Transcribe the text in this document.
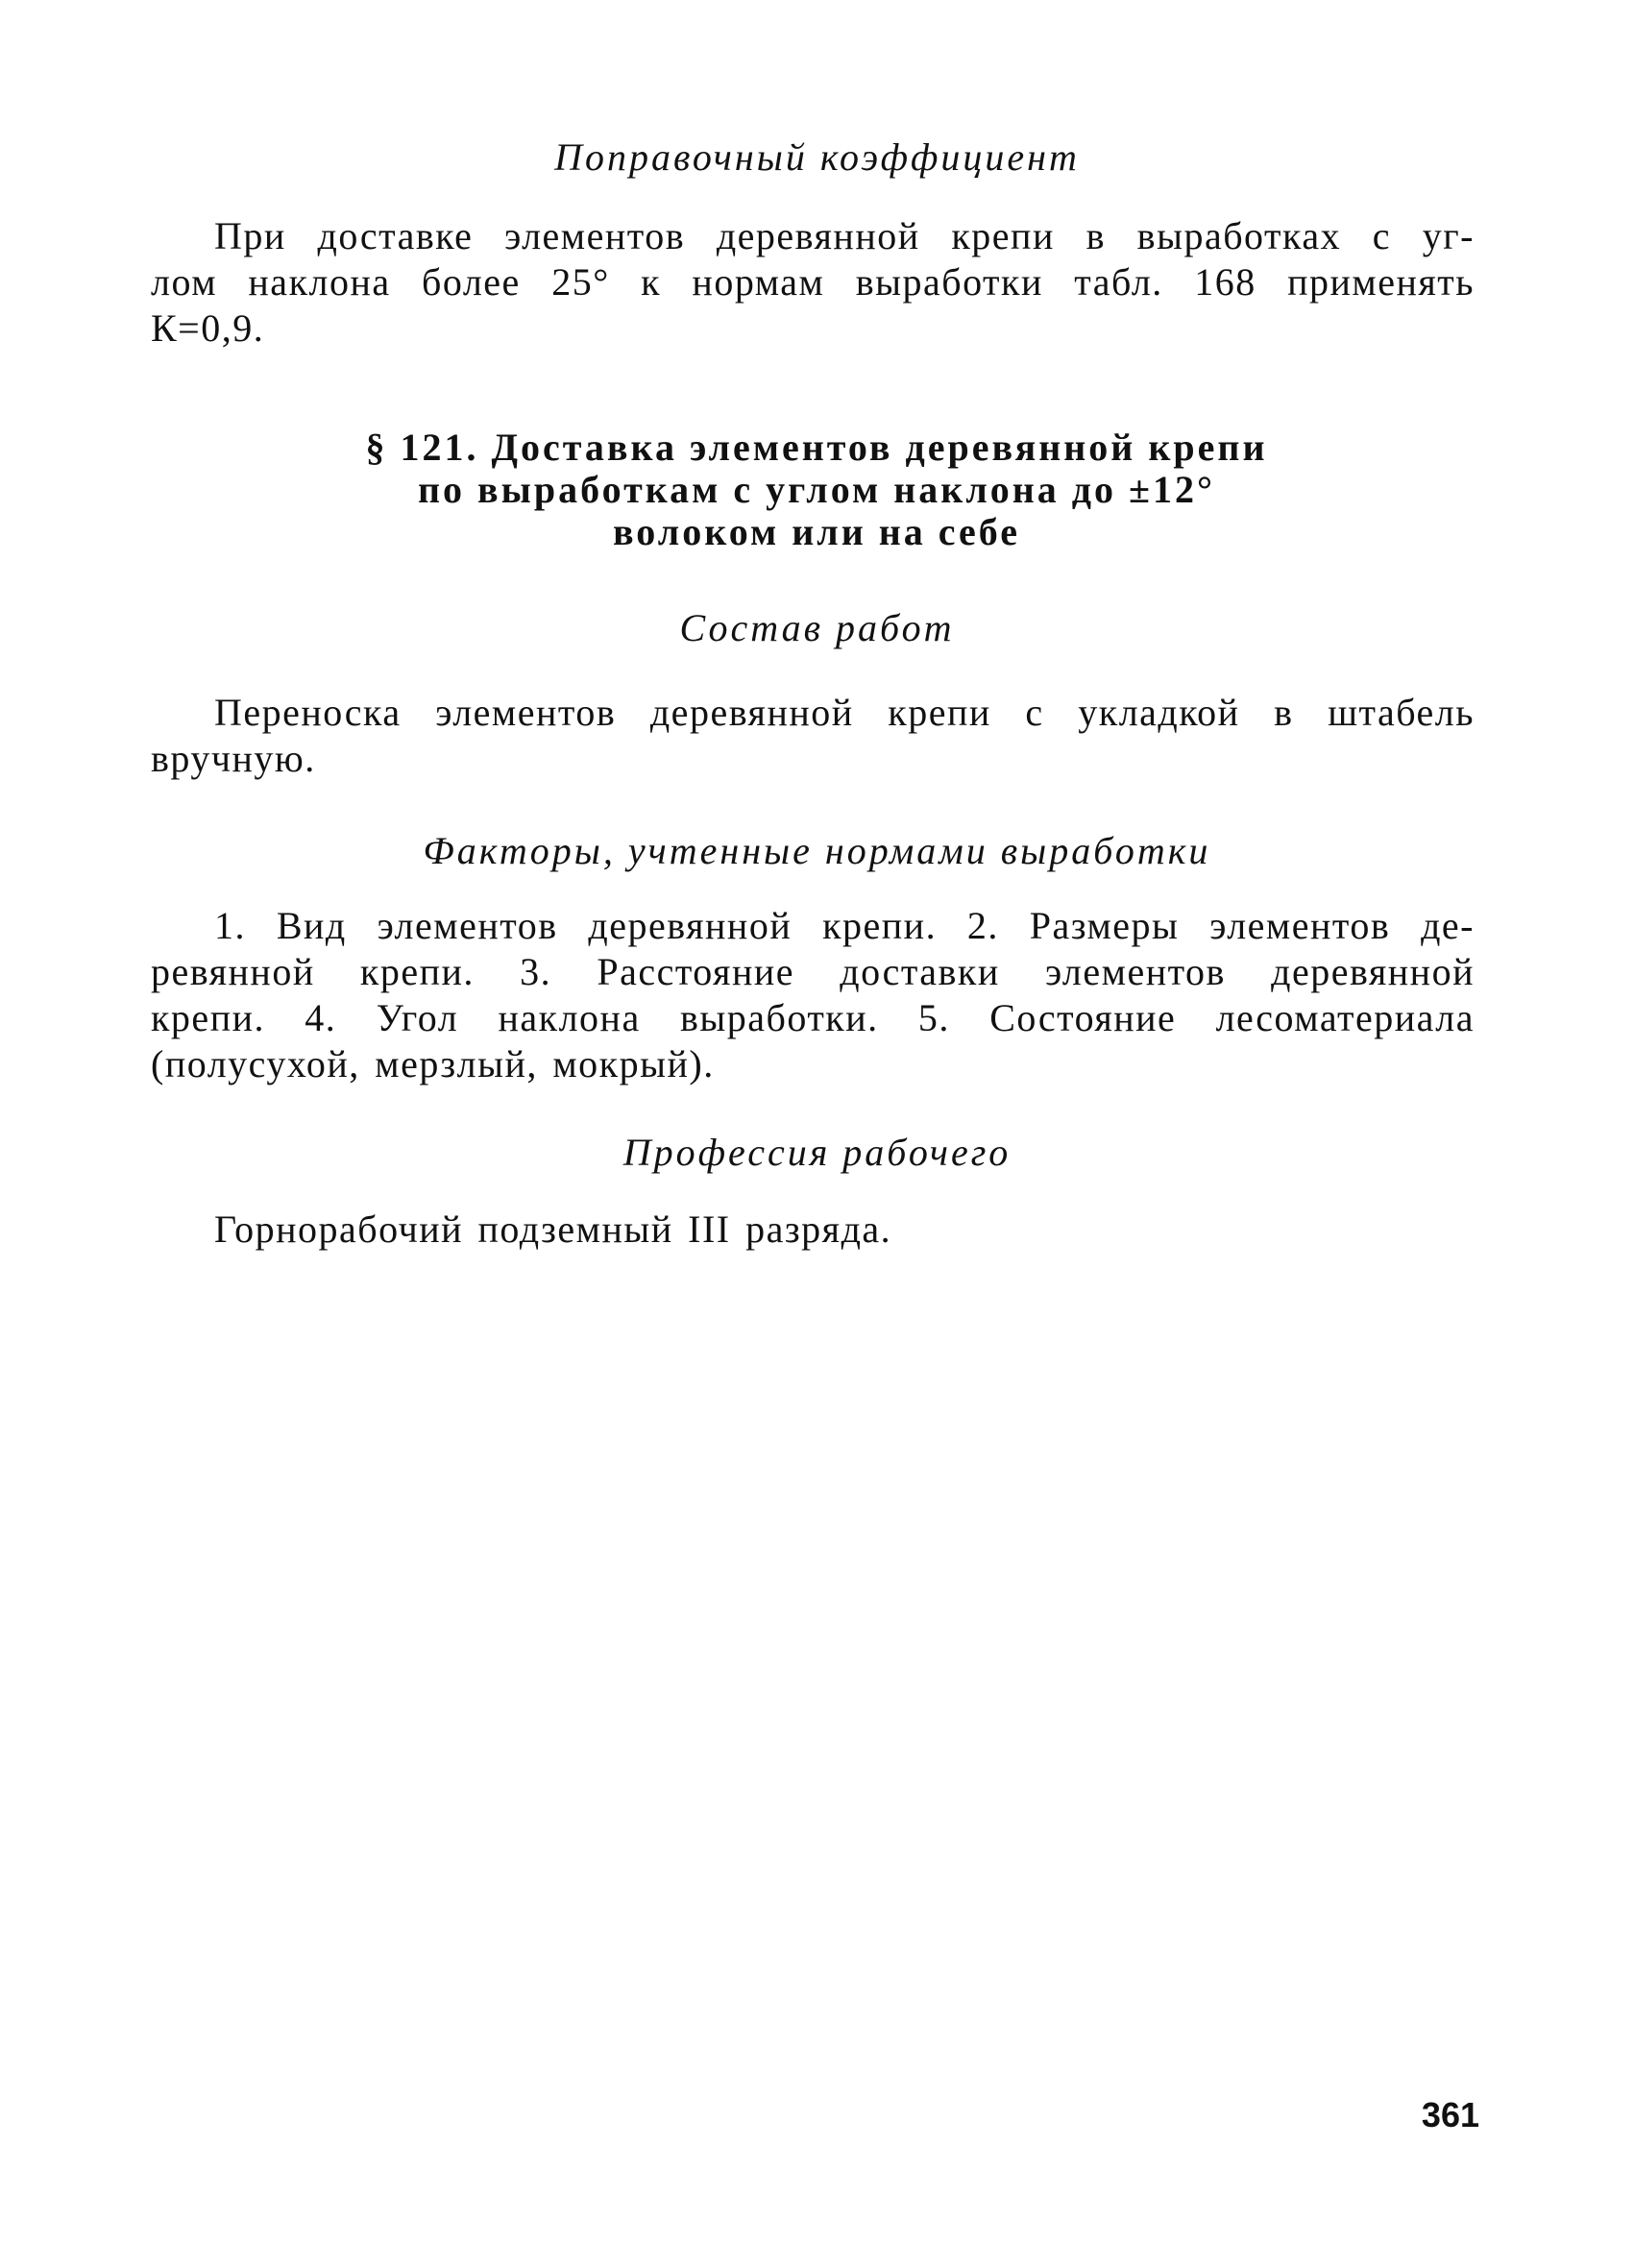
Поправочный коэффициент
При доставке элементов деревянной крепи в выработках с уг-
лом наклона более 25° к нормам выработки табл. 168 применять
К=0,9.
§ 121. Доставка элементов деревянной крепи
по выработкам с углом наклона до ±12°
волоком или на себе
Состав работ
Переноска элементов деревянной крепи с укладкой в штабель
вручную.
Факторы, учтенные нормами выработки
1. Вид элементов деревянной крепи. 2. Размеры элементов де-
ревянной крепи. 3. Расстояние доставки элементов деревянной
крепи. 4. Угол наклона выработки. 5. Состояние лесоматериала
(полусухой, мерзлый, мокрый).
Профессия рабочего
Горнорабочий подземный III разряда.
361
